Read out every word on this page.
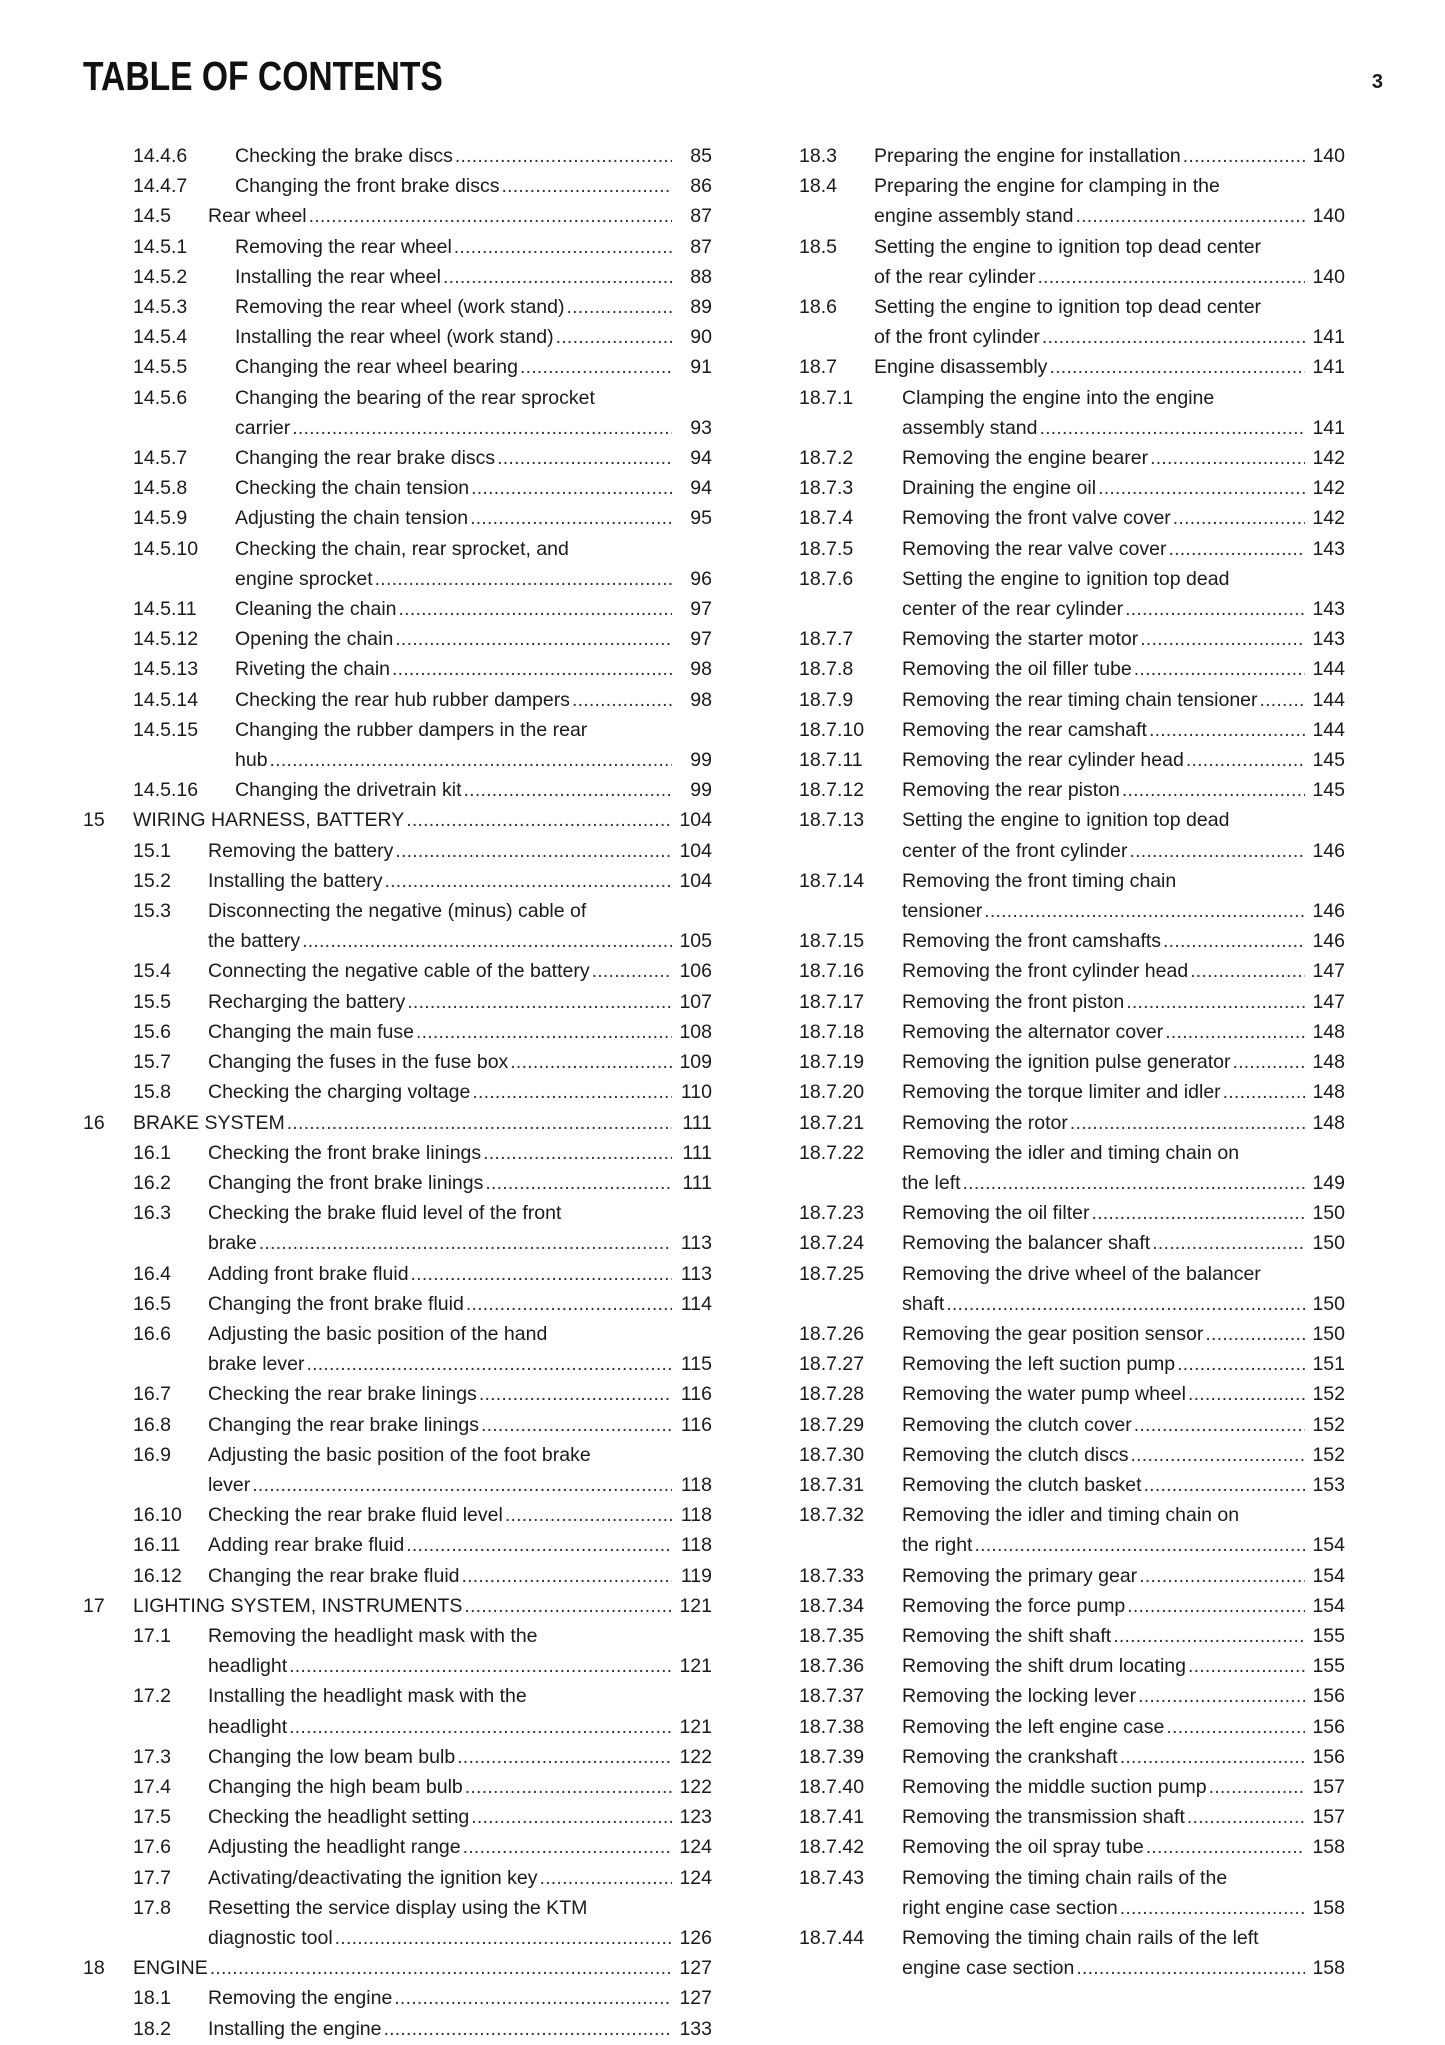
TABLE OF CONTENTS	3
14.4.6 Checking the brake discs . . .	85
14.4.7 Changing the front brake discs . . .	86
14.5 Rear wheel . . .	87
14.5.1 Removing the rear wheel . . .	87
14.5.2 Installing the rear wheel . . .	88
14.5.3 Removing the rear wheel (work stand) . . .	89
14.5.4 Installing the rear wheel (work stand) . . .	90
14.5.5 Changing the rear wheel bearing . . .	91
14.5.6 Changing the bearing of the rear sprocket
carrier . . .	93
14.5.7 Changing the rear brake discs . . .	94
14.5.8 Checking the chain tension . . .	94
14.5.9 Adjusting the chain tension . . .	95
14.5.10 Checking the chain, rear sprocket, and
engine sprocket . . .	96
14.5.11 Cleaning the chain . . .	97
14.5.12 Opening the chain . . .	97
14.5.13 Riveting the chain . . .	98
14.5.14 Checking the rear hub rubber dampers . . .	98
14.5.15 Changing the rubber dampers in the rear
hub . . .	99
14.5.16 Changing the drivetrain kit . . .	99
15 WIRING HARNESS, BATTERY . . .	104
15.1 Removing the battery . . .	104
15.2 Installing the battery . . .	104
15.3 Disconnecting the negative (minus) cable of
the battery . . .	105
15.4 Connecting the negative cable of the battery . . .	106
15.5 Recharging the battery . . .	107
15.6 Changing the main fuse . . .	108
15.7 Changing the fuses in the fuse box . . .	109
15.8 Checking the charging voltage . . .	110
16 BRAKE SYSTEM . . .	111
16.1 Checking the front brake linings . . .	111
16.2 Changing the front brake linings . . .	111
16.3 Checking the brake fluid level of the front
brake . . .	113
16.4 Adding front brake fluid . . .	113
16.5 Changing the front brake fluid . . .	114
16.6 Adjusting the basic position of the hand
brake lever . . .	115
16.7 Checking the rear brake linings . . .	116
16.8 Changing the rear brake linings . . .	116
16.9 Adjusting the basic position of the foot brake
lever . . .	118
16.10 Checking the rear brake fluid level . . .	118
16.11 Adding rear brake fluid . . .	118
16.12 Changing the rear brake fluid . . .	119
17 LIGHTING SYSTEM, INSTRUMENTS . . .	121
17.1 Removing the headlight mask with the
headlight . . .	121
17.2 Installing the headlight mask with the
headlight . . .	121
17.3 Changing the low beam bulb . . .	122
17.4 Changing the high beam bulb . . .	122
17.5 Checking the headlight setting . . .	123
17.6 Adjusting the headlight range . . .	124
17.7 Activating/deactivating the ignition key . . .	124
17.8 Resetting the service display using the KTM
diagnostic tool . . .	126
18 ENGINE . . .	127
18.1 Removing the engine . . .	127
18.2 Installing the engine . . .	133
18.3 Preparing the engine for installation . . .	140
18.4 Preparing the engine for clamping in the
engine assembly stand . . .	140
18.5 Setting the engine to ignition top dead center
of the rear cylinder . . .	140
18.6 Setting the engine to ignition top dead center
of the front cylinder . . .	141
18.7 Engine disassembly . . .	141
18.7.1	Clamping the engine into the engine
assembly stand . . .	141
18.7.2	Removing the engine bearer . . .	142
18.7.3	Draining the engine oil . . .	142
18.7.4	Removing the front valve cover . . .	142
18.7.5	Removing the rear valve cover . . .	143
18.7.6	Setting the engine to ignition top dead
center of the rear cylinder . . .	143
18.7.7	Removing the starter motor . . .	143
18.7.8	Removing the oil filler tube . . .	144
18.7.9	Removing the rear timing chain tensioner . . .	144
18.7.10 Removing the rear camshaft . . .	144
18.7.11 Removing the rear cylinder head . . .	145
18.7.12 Removing the rear piston . . .	145
18.7.13 Setting the engine to ignition top dead
center of the front cylinder . . .	146
18.7.14 Removing the front timing chain
tensioner . . .	146
18.7.15 Removing the front camshafts . . .	146
18.7.16 Removing the front cylinder head . . .	147
18.7.17 Removing the front piston . . .	147
18.7.18 Removing the alternator cover . . .	148
18.7.19 Removing the ignition pulse generator . . .	148
18.7.20 Removing the torque limiter and idler . . .	148
18.7.21 Removing the rotor . . .	148
18.7.22 Removing the idler and timing chain on
the left . . .	149
18.7.23 Removing the oil filter . . .	150
18.7.24 Removing the balancer shaft . . .	150
18.7.25 Removing the drive wheel of the balancer
shaft . . .	150
18.7.26 Removing the gear position sensor . . .	150
18.7.27 Removing the left suction pump . . .	151
18.7.28 Removing the water pump wheel . . .	152
18.7.29 Removing the clutch cover . . .	152
18.7.30 Removing the clutch discs . . .	152
18.7.31 Removing the clutch basket . . .	153
18.7.32 Removing the idler and timing chain on
the right . . .	154
18.7.33 Removing the primary gear . . .	154
18.7.34 Removing the force pump . . .	154
18.7.35 Removing the shift shaft . . .	155
18.7.36 Removing the shift drum locating . . .	155
18.7.37 Removing the locking lever . . .	156
18.7.38 Removing the left engine case . . .	156
18.7.39 Removing the crankshaft . . .	156
18.7.40 Removing the middle suction pump . . .	157
18.7.41 Removing the transmission shaft . . .	157
18.7.42 Removing the oil spray tube . . .	158
18.7.43 Removing the timing chain rails of the
right engine case section . . .	158
18.7.44 Removing the timing chain rails of the left
engine case section . . .	158
